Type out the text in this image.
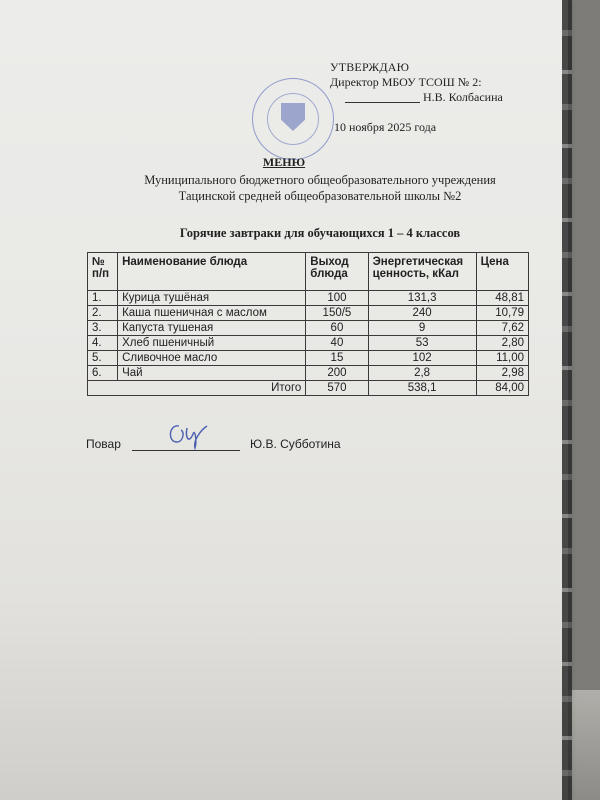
УТВЕРЖДАЮ
Директор МБОУ ТСОШ № 2:
Н.В. Колбасина
10 ноября 2025 года
МЕНЮ
Муниципального бюджетного общеобразовательного учреждения
Тацинской средней общеобразовательной школы №2
Горячие завтраки для обучающихся 1 – 4 классов
№ п/п	Наименование блюда	Выход блюда	Энергетическая ценность, кКал	Цена
1.	Курица тушёная	100	131,3	48,81
2.	Каша пшеничная с маслом	150/5	240	10,79
3.	Капуста тушеная	60	9	7,62
4.	Хлеб пшеничный	40	53	2,80
5.	Сливочное масло	15	102	11,00
6.	Чай	200	2,8	2,98
Итого		570	538,1	84,00
Повар	Ю.В. Субботина
